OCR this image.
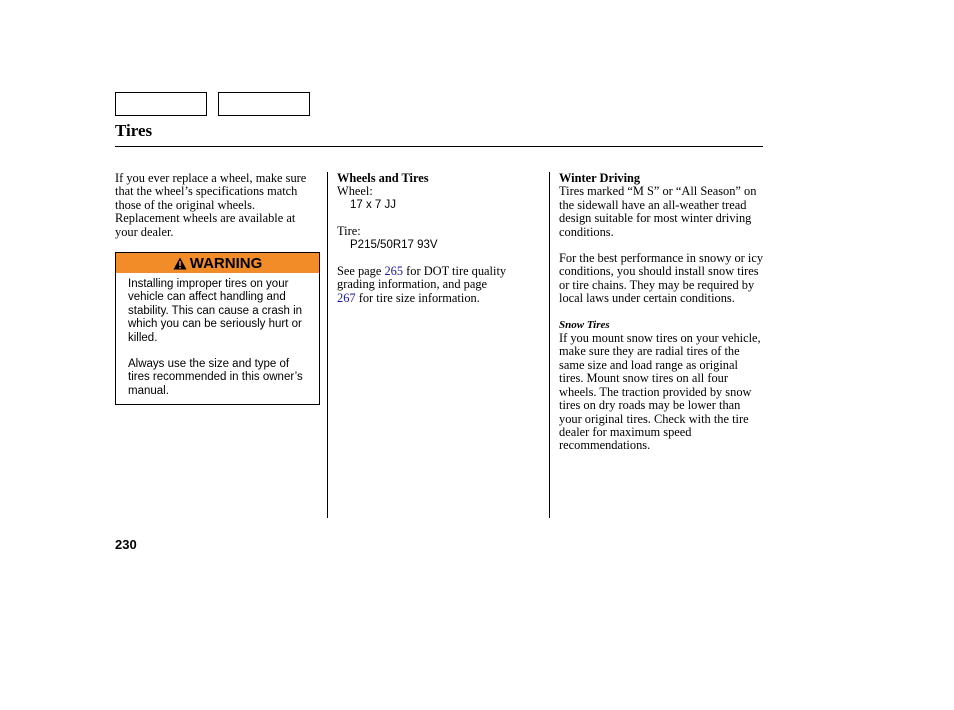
Tires
If you ever replace a wheel, make sure that the wheel’s specifications match those of the original wheels. Replacement wheels are available at your dealer.
WARNING

Installing improper tires on your vehicle can affect handling and stability. This can cause a crash in which you can be seriously hurt or killed.

Always use the size and type of tires recommended in this owner’s manual.

Wheels and Tires
Wheel:
17 x 7 JJ
Tire:
P215/50R17 93V
See page 265 for DOT tire quality grading information, and page
267 for tire size information.
Winter Driving
Tires marked “M S” or “All Season” on the sidewall have an all-weather tread design suitable for most winter driving conditions.
For the best performance in snowy or icy conditions, you should install snow tires or tire chains. They may be required by local laws under certain conditions.
Snow Tires
If you mount snow tires on your vehicle, make sure they are radial tires of the same size and load range as original tires. Mount snow tires on all four wheels. The traction provided by snow tires on dry roads may be lower than your original tires. Check with the tire dealer for maximum speed recommendations.
230
